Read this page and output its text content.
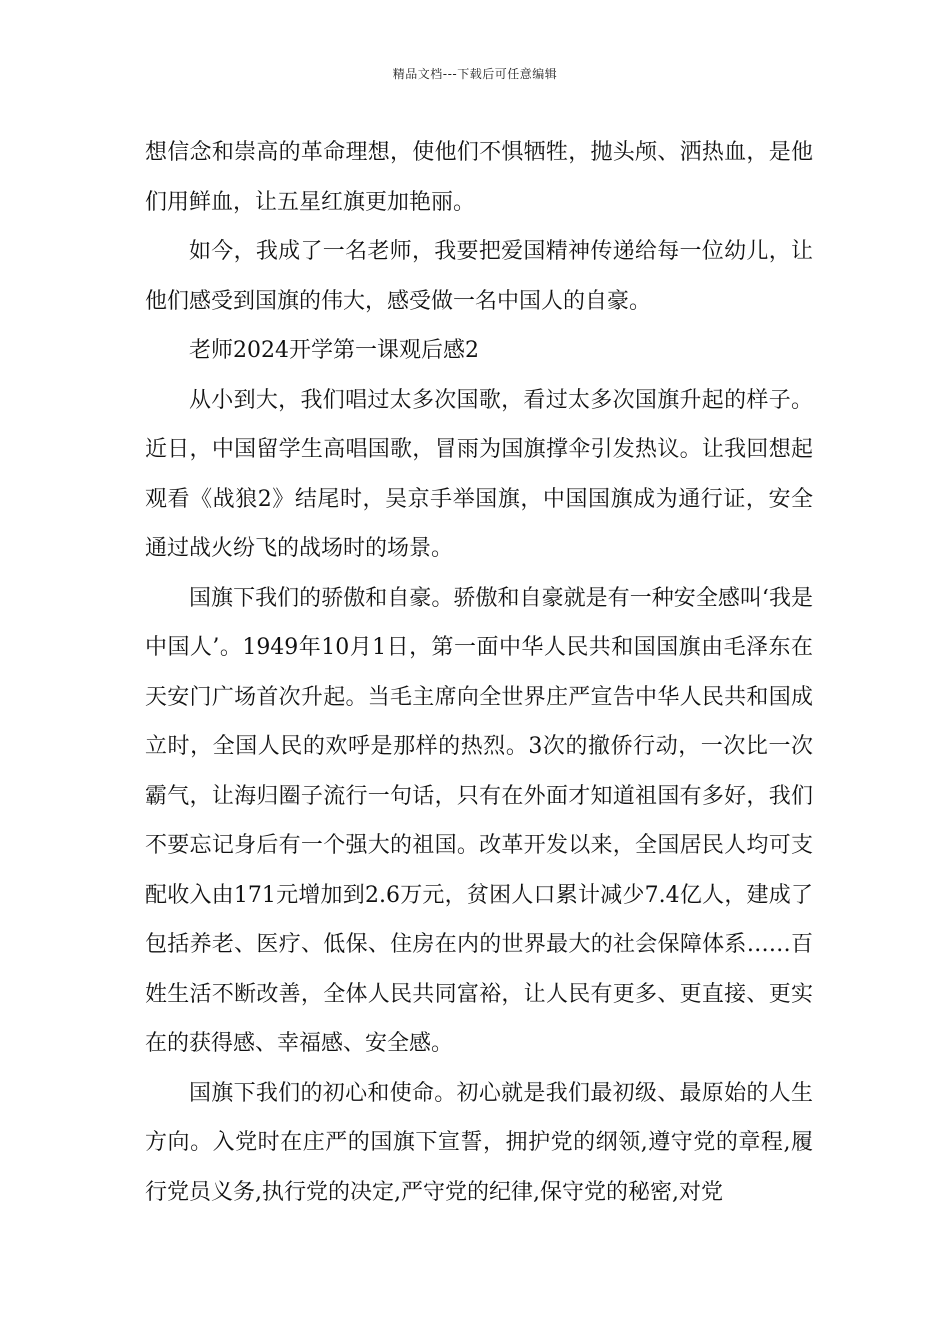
精品文档---下载后可任意编辑

想信念和崇高的革命理想，使他们不惧牺牲，抛头颅、洒热血，是他们用鲜血，让五星红旗更加艳丽。

如今，我成了一名老师，我要把爱国精神传递给每一位幼儿，让他们感受到国旗的伟大，感受做一名中国人的自豪。

老师2024开学第一课观后感2

从小到大，我们唱过太多次国歌，看过太多次国旗升起的样子。近日，中国留学生高唱国歌，冒雨为国旗撑伞引发热议。让我回想起观看《战狼2》结尾时，吴京手举国旗，中国国旗成为通行证，安全通过战火纷飞的战场时的场景。

国旗下我们的骄傲和自豪。骄傲和自豪就是有一种安全感叫‘我是中国人’。1949年10月1日，第一面中华人民共和国国旗由毛泽东在天安门广场首次升起。当毛主席向全世界庄严宣告中华人民共和国成立时，全国人民的欢呼是那样的热烈。3次的撤侨行动，一次比一次霸气，让海归圈子流行一句话，只有在外面才知道祖国有多好，我们不要忘记身后有一个强大的祖国。改革开发以来，全国居民人均可支配收入由171元增加到2.6万元，贫困人口累计减少7.4亿人，建成了包括养老、医疗、低保、住房在内的世界最大的社会保障体系……百姓生活不断改善，全体人民共同富裕，让人民有更多、更直接、更实在的获得感、幸福感、安全感。

国旗下我们的初心和使命。初心就是我们最初级、最原始的人生方向。入党时在庄严的国旗下宣誓，拥护党的纲领,遵守党的章程,履行党员义务,执行党的决定,严守党的纪律,保守党的秘密,对党
